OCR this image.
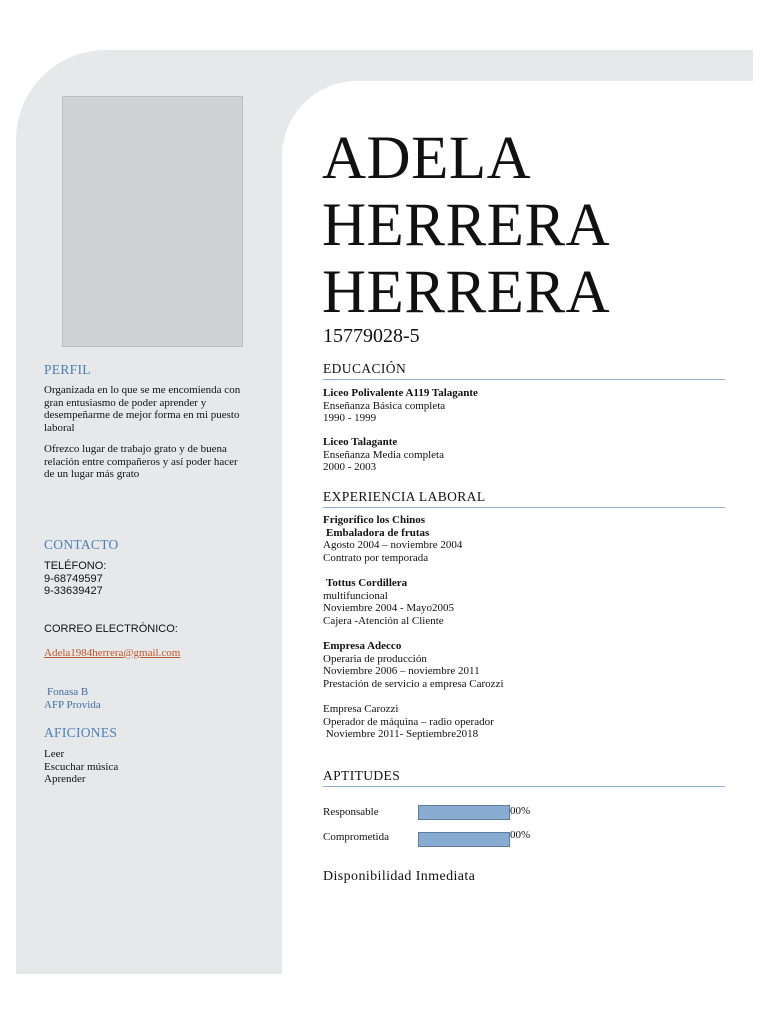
PERFIL

Organizada en lo que se me encomienda con

gran entusiasmo de poder aprender y

desempeñarme de mejor forma en mi puesto

laboral

Ofrezco lugar de trabajo grato y de buena

relación entre compañeros y así poder hacer

de un lugar más grato

CONTACTO

TELÉFONO:

9-68749597

9-33639427

CORREO ELECTRÓNICO:

Adela1984herrera@gmail.com

Fonasa B

AFP Provida

AFICIONES

Leer

Escuchar música

Aprender

ADELA
HERRERA
HERRERA
15779028-5
EDUCACIÓN

Liceo Polivalente A119 Talagante

Enseñanza Básica completa

1990 - 1999

Liceo Talagante

Enseñanza Media completa

2000 - 2003

EXPERIENCIA LABORAL

Frigorífico los Chinos

Embaladora de frutas

Agosto 2004 – noviembre 2004

Contrato por temporada

Tottus Cordillera

multifuncional

Noviembre 2004 - Mayo2005

Cajera -Atención al Cliente

Empresa Adecco

Operaria de producción

Noviembre 2006 – noviembre 2011

Prestación de servicio a empresa Carozzi

Empresa Carozzi

Operador de máquina – radio operador

Noviembre 2011- Septiembre2018

APTITUDES
Responsable	00%
Comprometida	00%
Disponibilidad Inmediata
